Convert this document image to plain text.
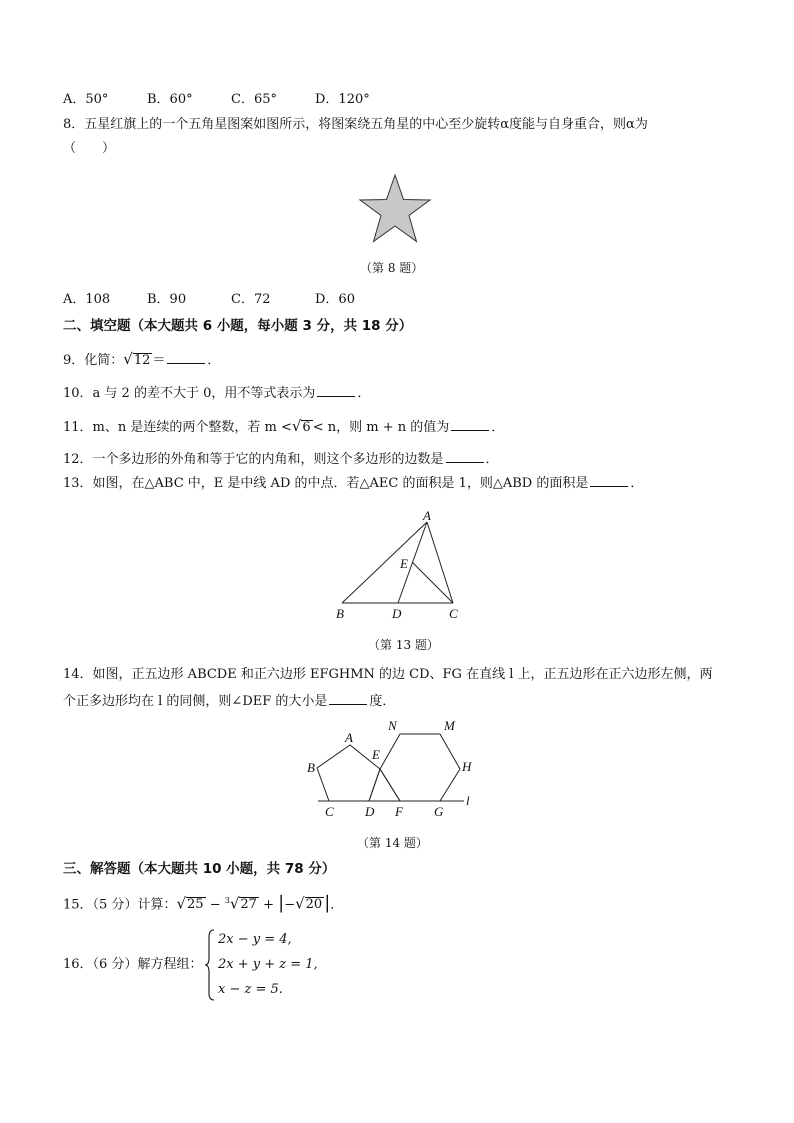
A．50°	B．60°	C．65°	D．120°
8．五星红旗上的一个五角星图案如图所示，将图案绕五角星的中心至少旋转α度能与自身重合，则α为
（　　）
（第 8 题）
A．108	B．90	C．72	D．60
二、填空题（本大题共 6 小题，每小题 3 分，共 18 分）
9．化简：√12 ＝	．
10．a 与 2 的差不大于 0，用不等式表示为	．
11．m、n 是连续的两个整数，若 m <√6 < n，则 m + n 的值为	．
12．一个多边形的外角和等于它的内角和，则这个多边形的边数是	．
13．如图，在△ABC 中，E 是中线 AD 的中点．若△AEC 的面积是 1，则△ABD 的面积是	．
A
E
B	D	C
（第 13 题）
14．如图，正五边形 ABCDE 和正六边形 EFGHMN 的边 CD、FG 在直线 l 上，正五边形在正六边形左侧，两
个正多边形均在 l 的同侧，则∠DEF 的大小是	度．
A
B
C D
E
F G
H
M
N
l
（第 14 题）
三、解答题（本大题共 10 小题，共 78 分）
15．（5 分）计算：√25 − $^3$√27 + |−√20 |．
16．（6 分）解方程组：
2x − y = 4,
2x + y + z = 1,
x − z = 5.
